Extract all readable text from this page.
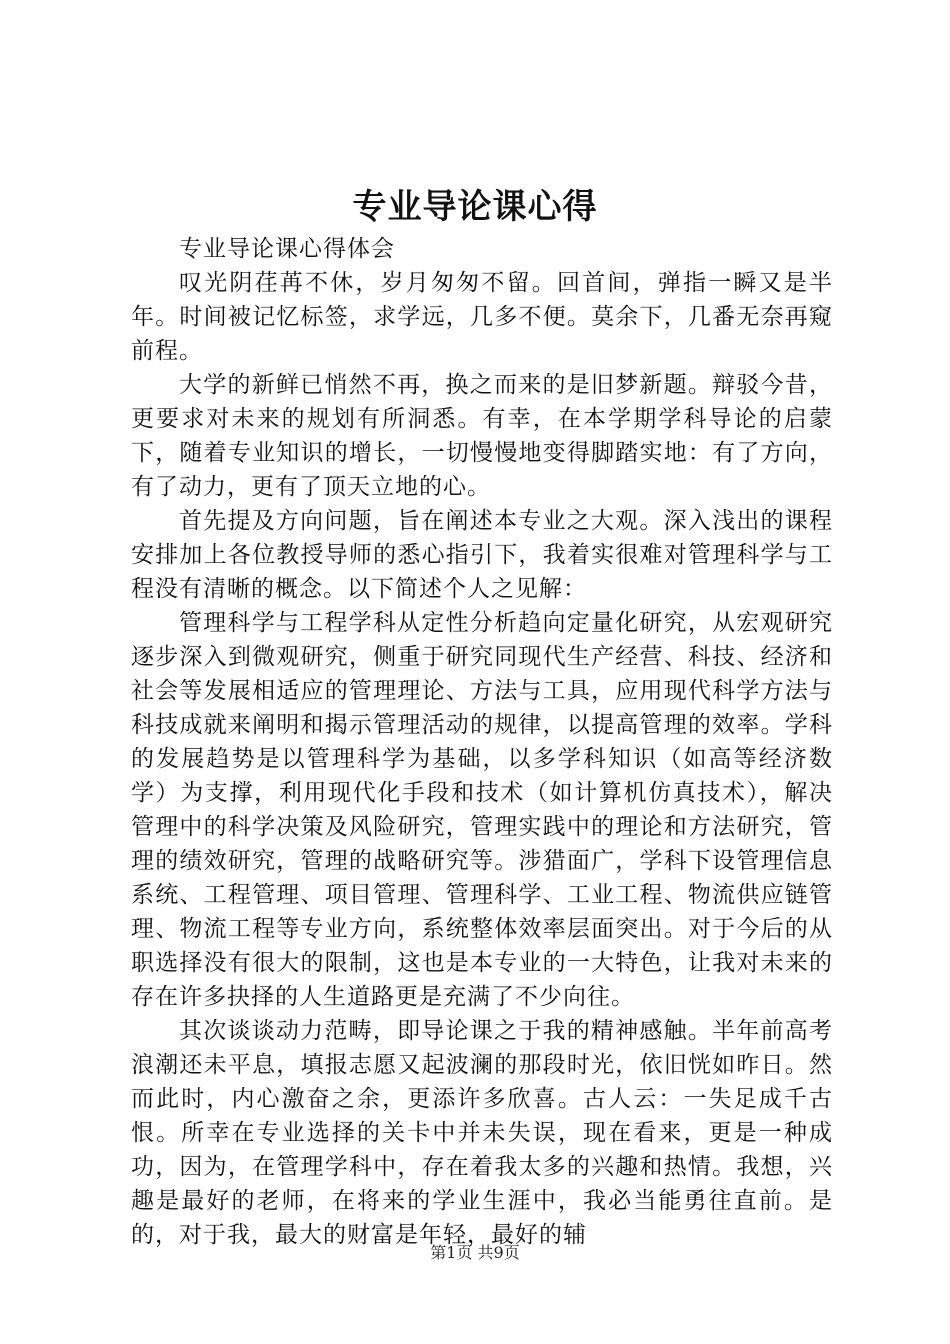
专业导论课心得

专业导论课心得体会

叹光阴荏苒不休，岁月匆匆不留。回首间，弹指一瞬又是半年。时间被记忆标签，求学远，几多不便。莫余下，几番无奈再窥前程。

大学的新鲜已悄然不再，换之而来的是旧梦新题。辩驳今昔，更要求对未来的规划有所洞悉。有幸，在本学期学科导论的启蒙下，随着专业知识的增长，一切慢慢地变得脚踏实地：有了方向，有了动力，更有了顶天立地的心。

首先提及方向问题，旨在阐述本专业之大观。深入浅出的课程安排加上各位教授导师的悉心指引下，我着实很难对管理科学与工程没有清晰的概念。以下简述个人之见解：

管理科学与工程学科从定性分析趋向定量化研究，从宏观研究逐步深入到微观研究，侧重于研究同现代生产经营、科技、经济和社会等发展相适应的管理理论、方法与工具，应用现代科学方法与科技成就来阐明和揭示管理活动的规律，以提高管理的效率。学科的发展趋势是以管理科学为基础，以多学科知识（如高等经济数学）为支撑，利用现代化手段和技术（如计算机仿真技术），解决管理中的科学决策及风险研究，管理实践中的理论和方法研究，管理的绩效研究，管理的战略研究等。涉猎面广，学科下设管理信息系统、工程管理、项目管理、管理科学、工业工程、物流供应链管理、物流工程等专业方向，系统整体效率层面突出。对于今后的从职选择没有很大的限制，这也是本专业的一大特色，让我对未来的存在许多抉择的人生道路更是充满了不少向往。

其次谈谈动力范畴，即导论课之于我的精神感触。半年前高考浪潮还未平息，填报志愿又起波澜的那段时光，依旧恍如昨日。然而此时，内心激奋之余，更添许多欣喜。古人云：一失足成千古恨。所幸在专业选择的关卡中并未失误，现在看来，更是一种成功，因为，在管理学科中，存在着我太多的兴趣和热情。我想，兴趣是最好的老师，在将来的学业生涯中，我必当能勇往直前。是的，对于我，最大的财富是年轻，最好的辅

第1页 共9页
